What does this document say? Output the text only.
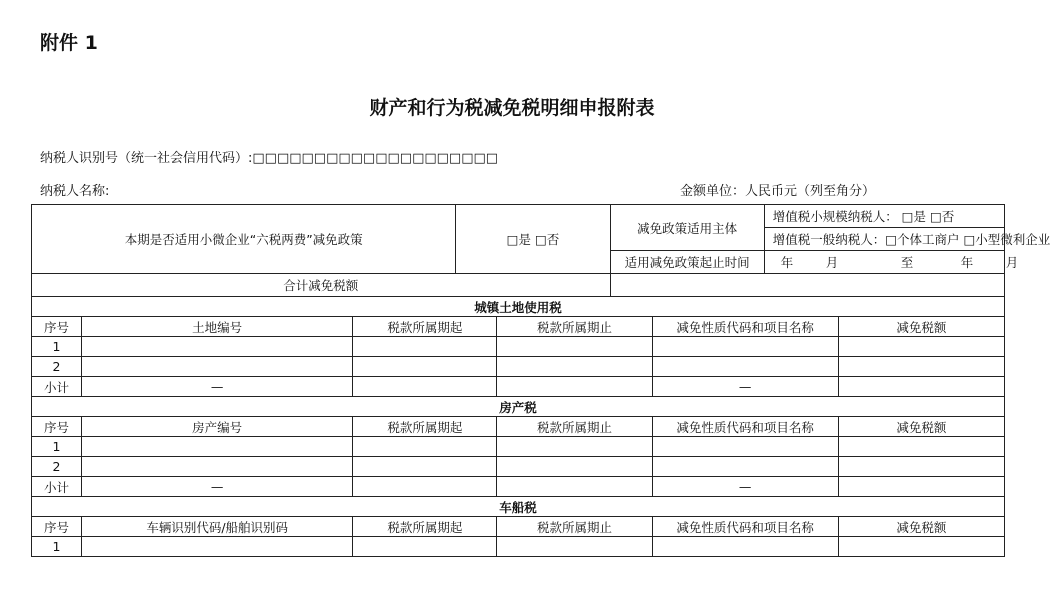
附件 1
财产和行为税减免税明细申报附表
纳税人识别号（统一社会信用代码）:□□□□□□□□□□□□□□□□□□□□
纳税人名称:	金额单位：人民币元（列至角分）
本期是否适用小微企业“六税两费”减免政策			□是 □否		减免政策适用主体		增值税小规模纳税人： □是 □否	
							增值税一般纳税人：□个体工商户 □小型微利企业	
					适用减免政策起止时间		年 月 至 年 月	
合计减免税额								
城镇土地使用税								
序号	土地编号	税款所属期起		税款所属期止		减免性质代码和项目名称		减免税额
1								
2								
小计	—					—		
房产税								
序号	房产编号	税款所属期起		税款所属期止		减免性质代码和项目名称		减免税额
1								
2								
小计	—					—		
车船税								
序号	车辆识别代码/船舶识别码	税款所属期起		税款所属期止		减免性质代码和项目名称		减免税额
1								
